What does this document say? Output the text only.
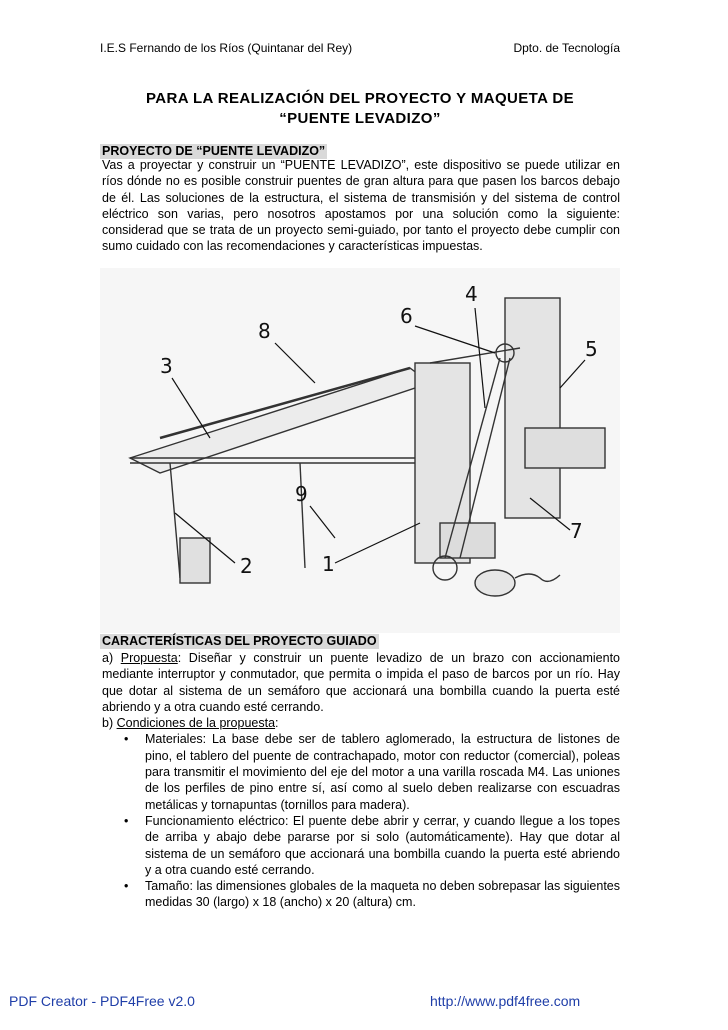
I.E.S Fernando de los Ríos (Quintanar del Rey)	Dpto. de Tecnología
PARA LA REALIZACIÓN DEL PROYECTO Y MAQUETA DE
“PUENTE LEVADIZO”
PROYECTO DE “PUENTE LEVADIZO”
Vas a proyectar y construir un “PUENTE LEVADIZO”, este dispositivo se puede utilizar en ríos dónde no es posible construir puentes de gran altura para que pasen los barcos debajo de él. Las soluciones de la estructura, el sistema de transmisión y del sistema de control eléctrico son varias, pero nosotros apostamos por una solución como la siguiente: considerad que se trata de un proyecto semi-guiado, por tanto el proyecto debe cumplir con sumo cuidado con las recomendaciones y características impuestas.
1
2
3
4
5
6
7
8
9
CARACTERÍSTICAS DEL PROYECTO GUIADO

a) Propuesta: Diseñar y construir un puente levadizo de un brazo con accionamiento mediante interruptor y conmutador, que permita o impida el paso de barcos por un río. Hay que dotar al sistema de un semáforo que accionará una bombilla cuando la puerta esté abriendo y a otra cuando esté cerrando.

b) Condiciones de la propuesta:

• Materiales: La base debe ser de tablero aglomerado, la estructura de listones de pino, el tablero del puente de contrachapado, motor con reductor (comercial), poleas para transmitir el movimiento del eje del motor a una varilla roscada M4. Las uniones de los perfiles de pino entre sí, así como al suelo deben realizarse con escuadras metálicas y tornapuntas (tornillos para madera).
• Funcionamiento eléctrico: El puente debe abrir y cerrar, y cuando llegue a los topes de arriba y abajo debe pararse por si solo (automáticamente). Hay que dotar al sistema de un semáforo que accionará una bombilla cuando la puerta esté abriendo y a otra cuando esté cerrando.
• Tamaño: las dimensiones globales de la maqueta no deben sobrepasar las siguientes medidas 30 (largo) x 18 (ancho) x 20 (altura) cm.
PDF Creator - PDF4Free v2.0	http://www.pdf4free.com
